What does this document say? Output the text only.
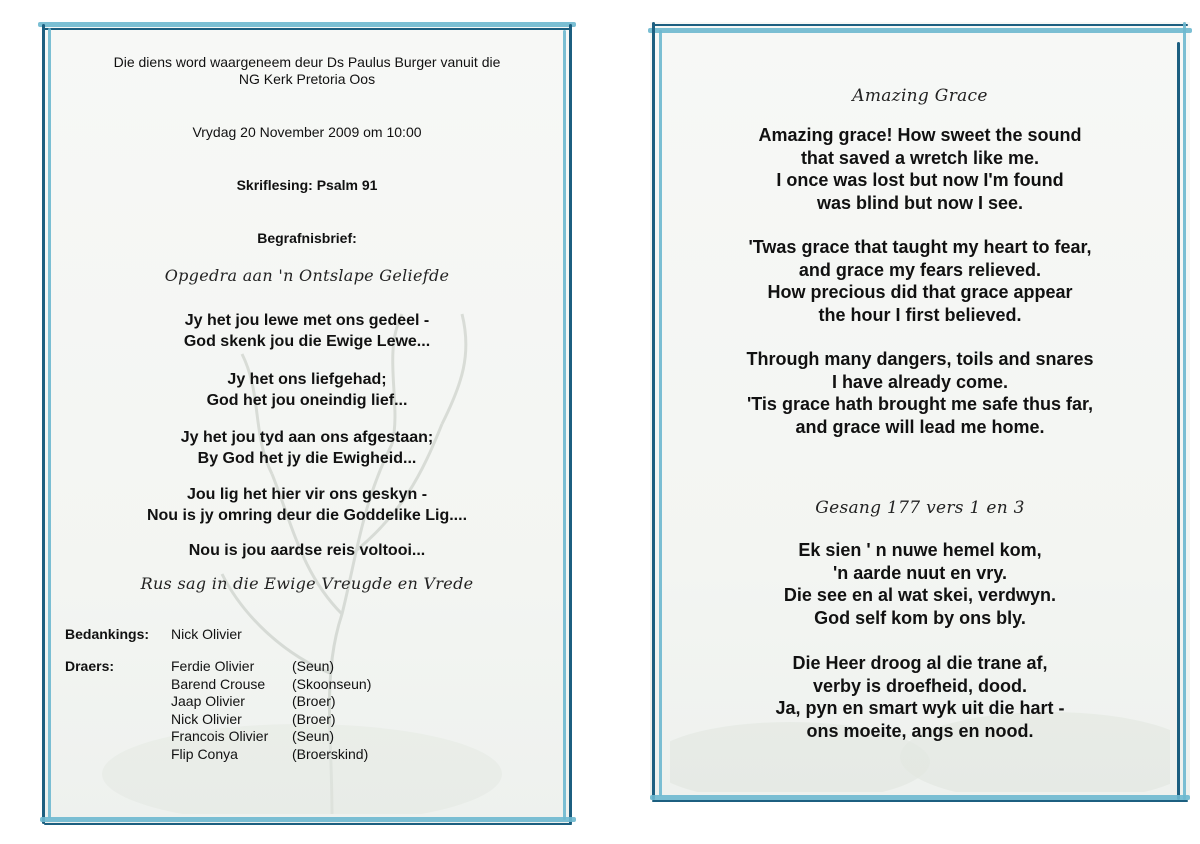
Die diens word waargeneem deur Ds Paulus Burger vanuit die NG Kerk Pretoria Oos
Vrydag 20 November 2009 om 10:00
Skriflesing: Psalm 91
Begrafnisbrief:
Opgedra aan 'n Ontslape Geliefde
Jy het jou lewe met ons gedeel -
God skenk jou die Ewige Lewe...
Jy het ons liefgehad;
God het jou oneindig lief...
Jy het jou tyd aan ons afgestaan;
By God het jy die Ewigheid...
Jou lig het hier vir ons geskyn -
Nou is jy omring deur die Goddelike Lig....
Nou is jou aardse reis voltooi...
Rus sag in die Ewige Vreugde en Vrede
Bedankings: Nick Olivier
Draers:	Ferdie Olivier	(Seun)
Barend Crouse	(Skoonseun)
Jaap Olivier	(Broer)
Nick Olivier	(Broer)
Francois Olivier	(Seun)
Flip Conya	(Broerskind)
Amazing Grace
Amazing grace! How sweet the sound
that saved a wretch like me.
I once was lost but now I'm found
was blind but now I see.
'Twas grace that taught my heart to fear,
and grace my fears relieved.
How precious did that grace appear
the hour I first believed.
Through many dangers, toils and snares
I have already come.
'Tis grace hath brought me safe thus far,
and grace will lead me home.
Gesang 177 vers 1 en 3
Ek sien ' n nuwe hemel kom,
'n aarde nuut en vry.
Die see en al wat skei, verdwyn.
God self kom by ons bly.
Die Heer droog al die trane af,
verby is droefheid, dood.
Ja, pyn en smart wyk uit die hart -
ons moeite, angs en nood.
